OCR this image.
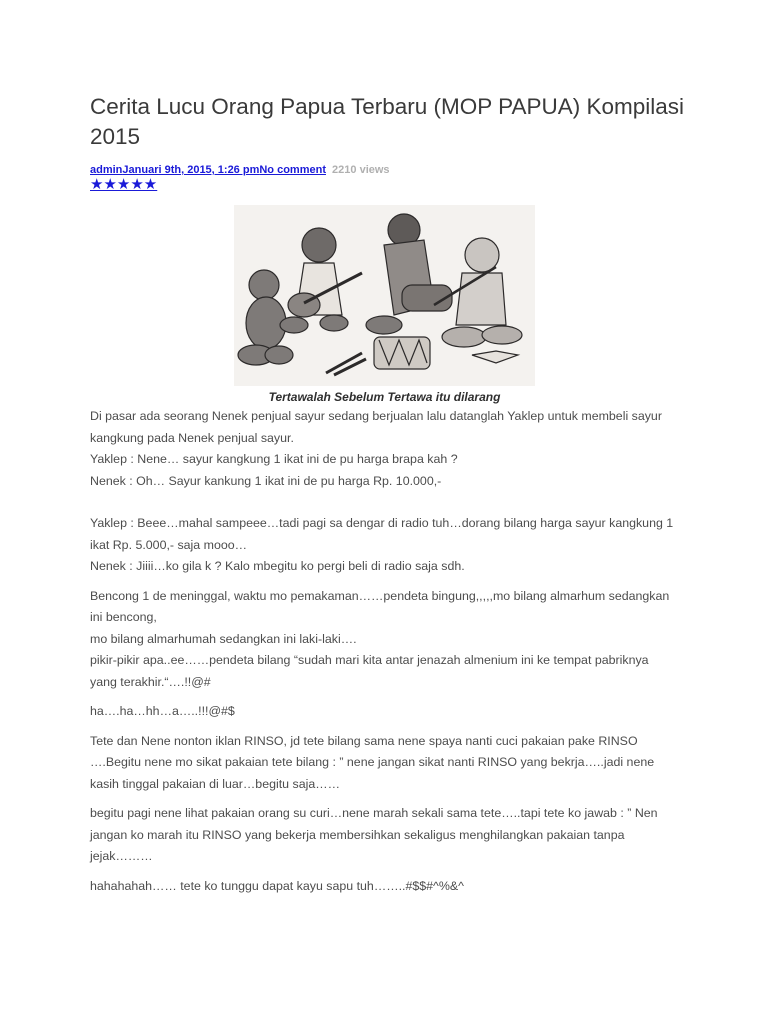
Cerita Lucu Orang Papua Terbaru (MOP PAPUA) Kompilasi 2015
adminJanuari 9th, 2015, 1:26 pmNo comment 2210 views
★★★★★
Tertawalah Sebelum Tertawa itu dilarang

Di pasar ada seorang Nenek penjual sayur sedang berjualan lalu datanglah Yaklep untuk membeli sayur kangkung pada Nenek penjual sayur.
Yaklep : Nene… sayur kangkung 1 ikat ini de pu harga brapa kah ?
Nenek : Oh… Sayur kankung 1 ikat ini de pu harga Rp. 10.000,-
Yaklep : Beee…mahal sampeee…tadi pagi sa dengar di radio tuh…dorang bilang harga sayur kangkung 1 ikat Rp. 5.000,- saja mooo…
Nenek : Jiiii…ko gila k ? Kalo mbegitu ko pergi beli di radio saja sdh.

Bencong 1 de meninggal, waktu mo pemakaman……pendeta bingung,,,,,mo bilang almarhum sedangkan ini bencong,
mo bilang almarhumah sedangkan ini laki-laki….
pikir-pikir apa..ee……pendeta bilang “sudah mari kita antar jenazah almenium ini ke tempat pabriknya yang terakhir.“….!!@#

ha….ha…hh…a…..!!!@#$

Tete dan Nene nonton iklan RINSO, jd tete bilang sama nene spaya nanti cuci pakaian pake RINSO ….Begitu nene mo sikat pakaian tete bilang : ” nene jangan sikat nanti RINSO yang bekrja…..jadi nene kasih tinggal pakaian di luar…begitu saja……

begitu pagi nene lihat pakaian orang su curi…nene marah sekali sama tete…..tapi tete ko jawab : ” Nen jangan ko marah itu RINSO yang bekerja membersihkan sekaligus menghilangkan pakaian tanpa jejak………

hahahahah…… tete ko tunggu dapat kayu sapu tuh……..#$$#^%&^
